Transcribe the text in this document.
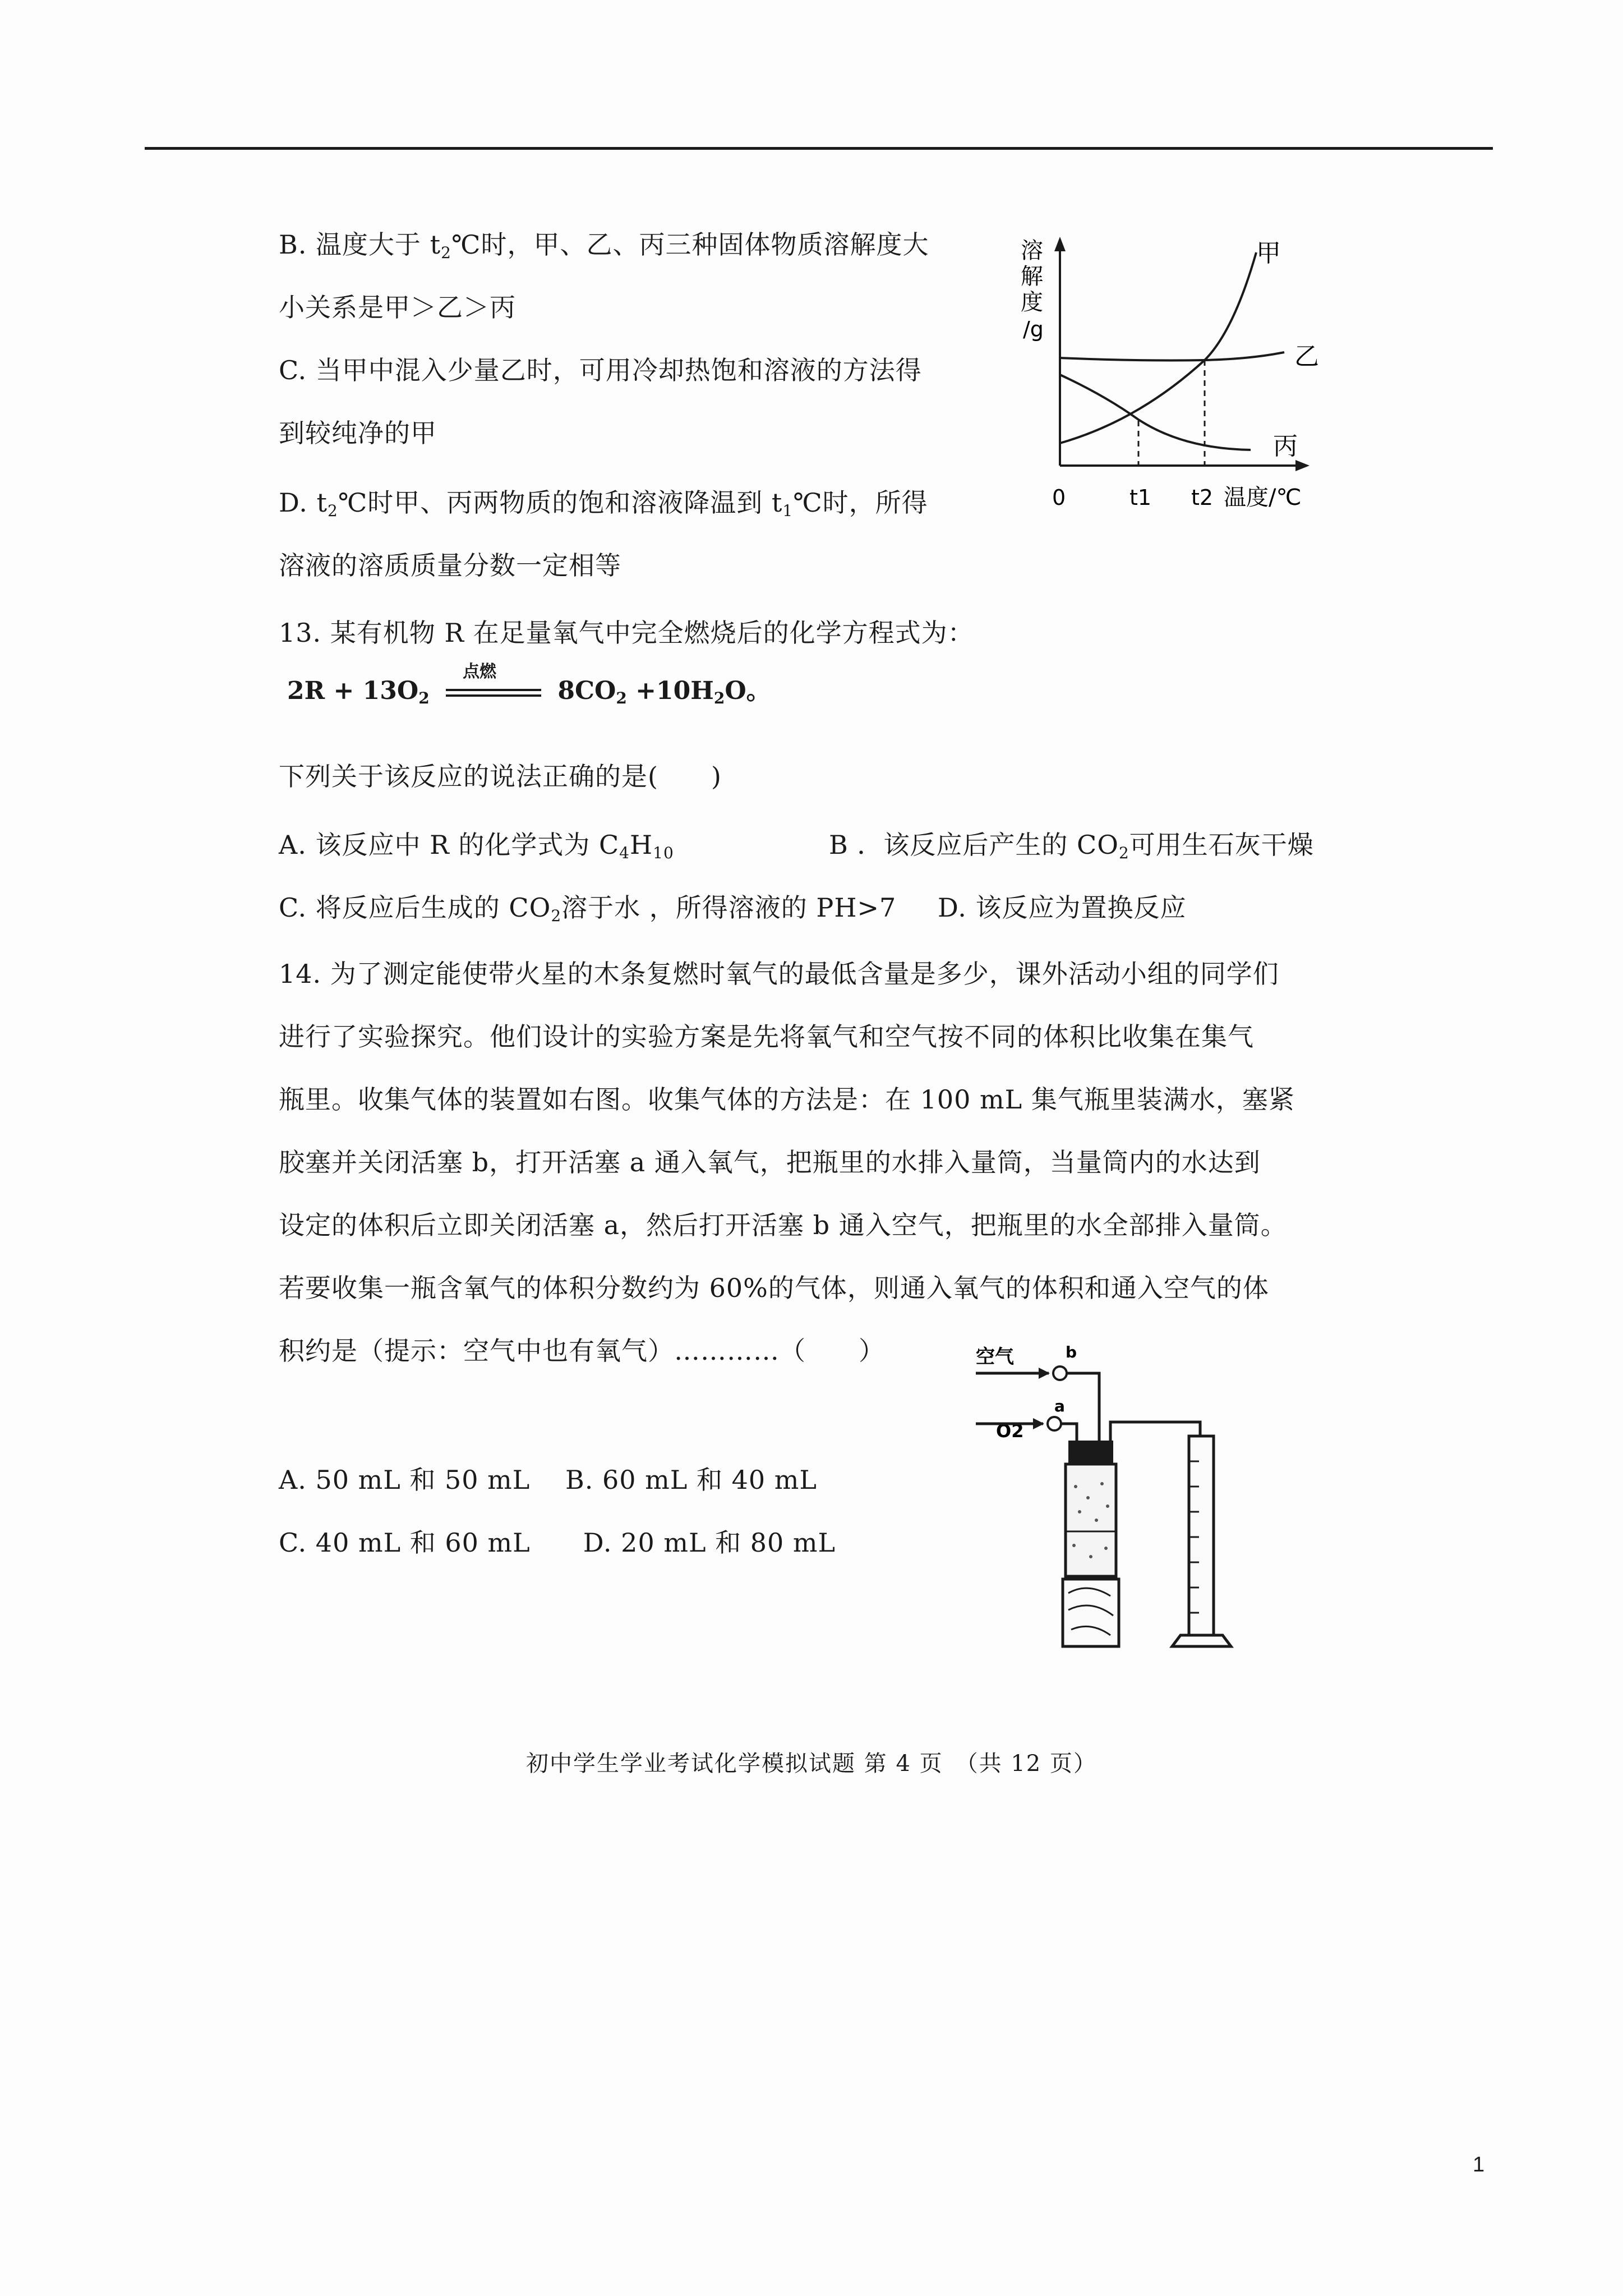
B. 温度大于 $t_2℃$时，甲、乙、丙三种固体物质溶解度大
小关系是甲＞乙＞丙
C. 当甲中混入少量乙时，可用冷却热饱和溶液的方法得
到较纯净的甲
D. $t_2℃$时甲、丙两物质的饱和溶液降温到 $t_1℃$时，所得
溶液的溶质质量分数一定相等
13. 某有机物 R 在足量氧气中完全燃烧后的化学方程式为：
$2R + 13O_2$
点燃
$8CO_2 +10H_2O$。
下列关于该反应的说法正确的是(　　)
A. 该反应中 R 的化学式为 $C_4H_{10}$	B ．该反应后产生的 $CO_2$可用生石灰干燥
C. 将反应后生成的 $CO_2$溶于水 ，所得溶液的 PH>7 D. 该反应为置换反应
14. 为了测定能使带火星的木条复燃时氧气的最低含量是多少，课外活动小组的同学们
进行了实验探究。他们设计的实验方案是先将氧气和空气按不同的体积比收集在集气
瓶里。收集气体的装置如右图。收集气体的方法是：在 100 mL 集气瓶里装满水，塞紧
胶塞并关闭活塞 b，打开活塞 a 通入氧气，把瓶里的水排入量筒，当量筒内的水达到
设定的体积后立即关闭活塞 a，然后打开活塞 b 通入空气，把瓶里的水全部排入量筒。
若要收集一瓶含氧气的体积分数约为 60%的气体，则通入氧气的体积和通入空气的体
积约是（提示：空气中也有氧气）…………（　　）
A. 50 mL 和 50 mL　 B. 60 mL 和 40 mL
C. 40 mL 和 60 mL　　D. 20 mL 和 80 mL
溶
解
度
/g
甲
乙
丙
0	t1 t2 温度/℃
空气	b
a
O2
初中学生学业考试化学模拟试题 第 4 页　（共 12 页）
1
